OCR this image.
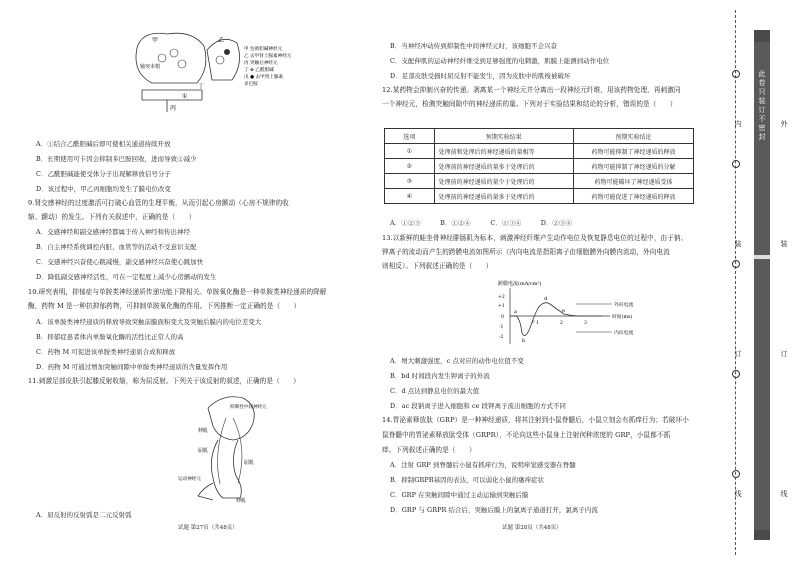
轴突末梢
甲	乙
丙
丁
①
甲 包被胆碱神经元
乙 去甲肾上腺素神经元
丙 突触后神经元
丁 ⊗ 乙酰胆碱
戊 ● 去甲肾上腺素
多巴胺
A．①结合乙酰胆碱后即可使相关通道持续开放
B．长期使用可卡因会抑制多巴胺回收，进而导致②减少
C．乙酰胆碱能使受体分子出现解释放信号分子
D．该过程中，甲乙丙细胞均发生了膜电位改变
9.肾交感神经的过度激活可打破心血管的生理平衡，从而引起心房颤动（心房不规律的收
缩、颤动）的发生。下列有关叙述中，正确的是（　　）
A．交感神经和副交感神经都属于传入神经和传出神经
B．自主神经系统调控内脏、血管等的活动不受意识支配
C．交感神经兴奋使心跳减慢，副交感神经兴奋使心跳加快
D．降低副交感神经活性，可在一定程度上减少心房颤动的发生
10.研究表明，抑郁症与单胺类神经递质传递功能下降相关。单胺氧化酶是一种单胺类神经递质的降解
酶，药物 M 是一种抗抑郁药物，可抑制单胺氧化酶的作用。下列推断一定正确的是（　　）
A．该单胺类神经递质的释放导致突触前膜面积变大及突触后膜内的电位差变大
B．抑郁症患者体内单胺氧化酶的活性比正常人的高
C．药物 M 可促进该单胺类神经递质合成和释放
D．药物 M 可通过增加突触间隙中单胺类神经递质的含量发挥作用
11.刺激足部皮肤引起膝反射收缩，称为屈反射。下列关于该反射的叙述，正确的是（　　）
抑制性中间神经元
伸肌
屈肌
运动神经元
屈肌
伸肌
A．屈反射的反射弧是二元反射弧
试题 第27页（共48页）
B．当神经冲动传到抑制性中间神经元时，该细胞不会兴奋
C．支配伸肌的运动神经纤维受到足够强度的电刺激，肌膜上能测到动作电位
D．足部皮肤受损时屈反射不能发生，因为皮肤中的肌梭被破坏
12.某药物会抑制兴奋的传递。剥离某一个神经元并分离出一段神经元纤维，用该药物处理，再刺激同
一个神经元，检测突触间隙中的神经递质的量。下列对于实验结果和结论的分析，错误的是（　　）
选项	预期实验结果	预期实验结论
①	处理前和处理后的神经递质的量相等	药物可能抑制了神经递质的释放
②	处理前的神经递质的量多于处理后的	药物可能抑制了神经递质的分解
③	处理前的神经递质的量少于处理后的	药物可能破坏了神经递质受体
④	处理前的神经递质的量多于处理后的	药物可能促进了神经递质的释放
A．①②③　　　B．①②④　　　C．①③④　　　D．②③④
13.以新鲜的蛙坐骨神经腓肠肌为标本，刺激神经纤维产生动作电位及恢复静息电位的过程中，由于钠、
钾离子的流动而产生的跨膜电流如图所示（内向电流是指阳离子由细胞膜外向膜内流动，外向电流
则相反）。下列叙述正确的是（　　）
跨膜电流(mA/cm²)
+2
+1
0
-1
-2
a
b
c
d
e
1	2	3
时间(ms)
外向电流
内向电流
A．增大刺激强度，c 点对应的动作电位值不变
B．bd 时间段内发生钾离子的外流
C．d 点达到静息电位的最大值
D．ac 段钠离子进入细胞和 ce 段钾离子流出细胞的方式不同
14.胃泌素释放肽（GRP）是一种神经递质，将其注射到小鼠脊髓后，小鼠立刻会有抓痒行为；若破坏小
鼠脊髓中的胃泌素释放肽受体（GRPR），不论向这些小鼠身上注射何种浓度的 GRP，小鼠都不抓
痒。下列叙述正确的是（　　）
A．注射 GRP 到脊髓后小鼠有抓痒行为，说明痒觉感受器在脊髓
B．抑制GRPR基因的表达，可以弱化小鼠的瘙痒症状
C．GRP 在突触间隙中通过主动运输到突触后膜
D．GRP 与 GRPR 结合后，突触后膜上的氯离子通道打开，氯离子内流
试题 第28页（共48页）
内
装
订
线
外
装
订
线
此
卷
只
装
订
不
密
封
